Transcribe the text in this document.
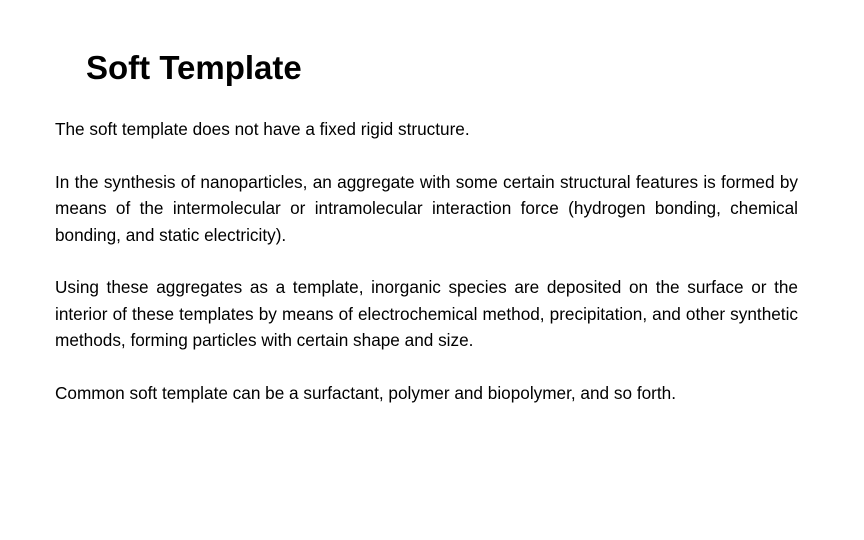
Soft Template

The soft template does not have a fixed rigid structure.

In the synthesis of nanoparticles, an aggregate with some certain structural features is formed by means of the intermolecular or intramolecular interaction force (hydrogen bonding, chemical bonding, and static electricity).

Using these aggregates as a template, inorganic species are deposited on the surface or the interior of these templates by means of electrochemical method, precipitation, and other synthetic methods, forming particles with certain shape and size.

Common soft template can be a surfactant, polymer and biopolymer, and so forth.
